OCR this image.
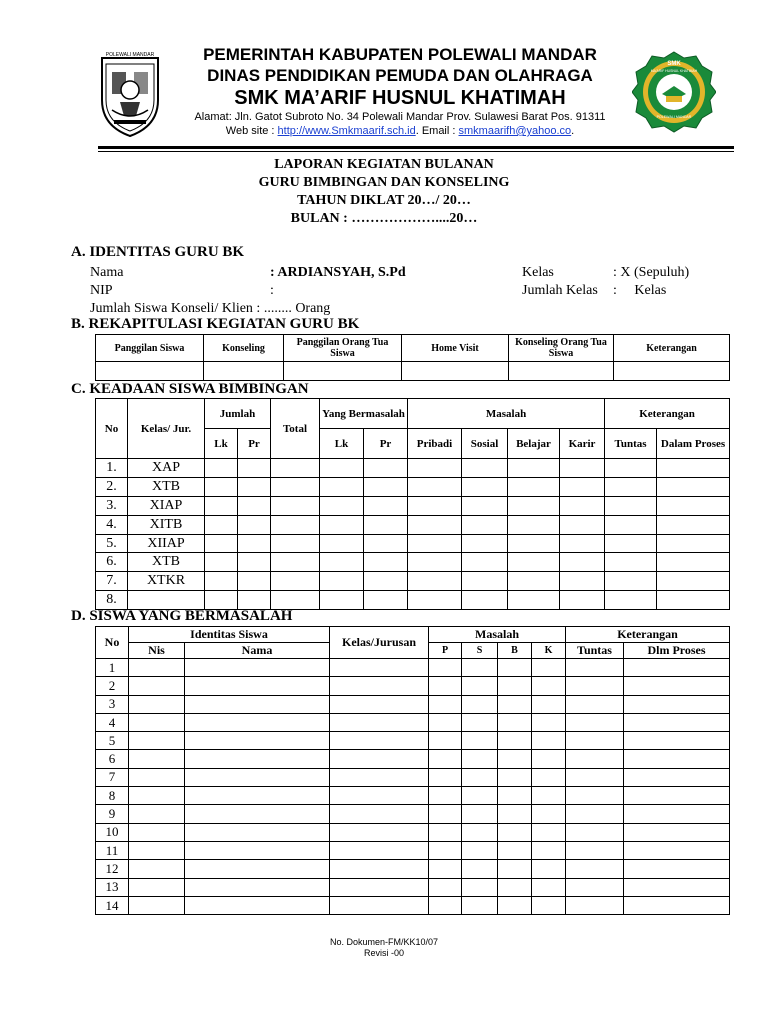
POLEWALI MANDAR	PEMERINTAH KABUPATEN POLEWALI MANDAR
DINAS PENDIDIKAN PEMUDA DAN OLAHRAGA
SMK MA’ARIF HUSNUL KHATIMAH
Alamat: Jln. Gatot Subroto No. 34 Polewali Mandar Prov. Sulawesi Barat Pos. 91311
Web site : http://www.Smkmaarif.sch.id. Email : smkmaarifh@yahoo.co.
SMK
MA'ARIF HUSNUL KHATIMAH
POLEWALI MANDAR
LAPORAN KEGIATAN BULANAN
GURU BIMBINGAN DAN KONSELING
TAHUN DIKLAT 20…/ 20…
BULAN : ………………....20…
A. IDENTITAS GURU BK
Nama	: ARDIANSYAH, S.Pd
NIP	:
Jumlah Siswa Konseli/ Klien : ........ Orang
Kelas	: X (Sepuluh)
Jumlah Kelas :     Kelas
B. REKAPITULASI KEGIATAN GURU BK
Panggilan Siswa	Konseling	Panggilan Orang Tua Siswa	Home Visit	Konseling Orang Tua Siswa	Keterangan

C. KEADAAN SISWA BIMBINGAN
No	Kelas/ Jur.	Jumlah		Total	Yang Bermasalah		Masalah				Keterangan	
		Lk	Pr		Lk	Pr	Pribadi	Sosial	Belajar	Karir	Tuntas	Dalam Proses
1.	XAP											
2.	XTB											
3.	XIAP											
4.	XITB											
5.	XIIAP											
6.	XTB											
7.	XTKR											
8.												
D. SISWA YANG BERMASALAH
No	Identitas Siswa		Kelas/Jurusan	Masalah				Keterangan	
	Nis	Nama		P	S	B	K	Tuntas	Dlm Proses
1									
2									
3									
4									
5									
6									
7									
8									
9									
10									
11									
12									
13									
14									
No. Dokumen-FM/KK10/07
Revisi -00
